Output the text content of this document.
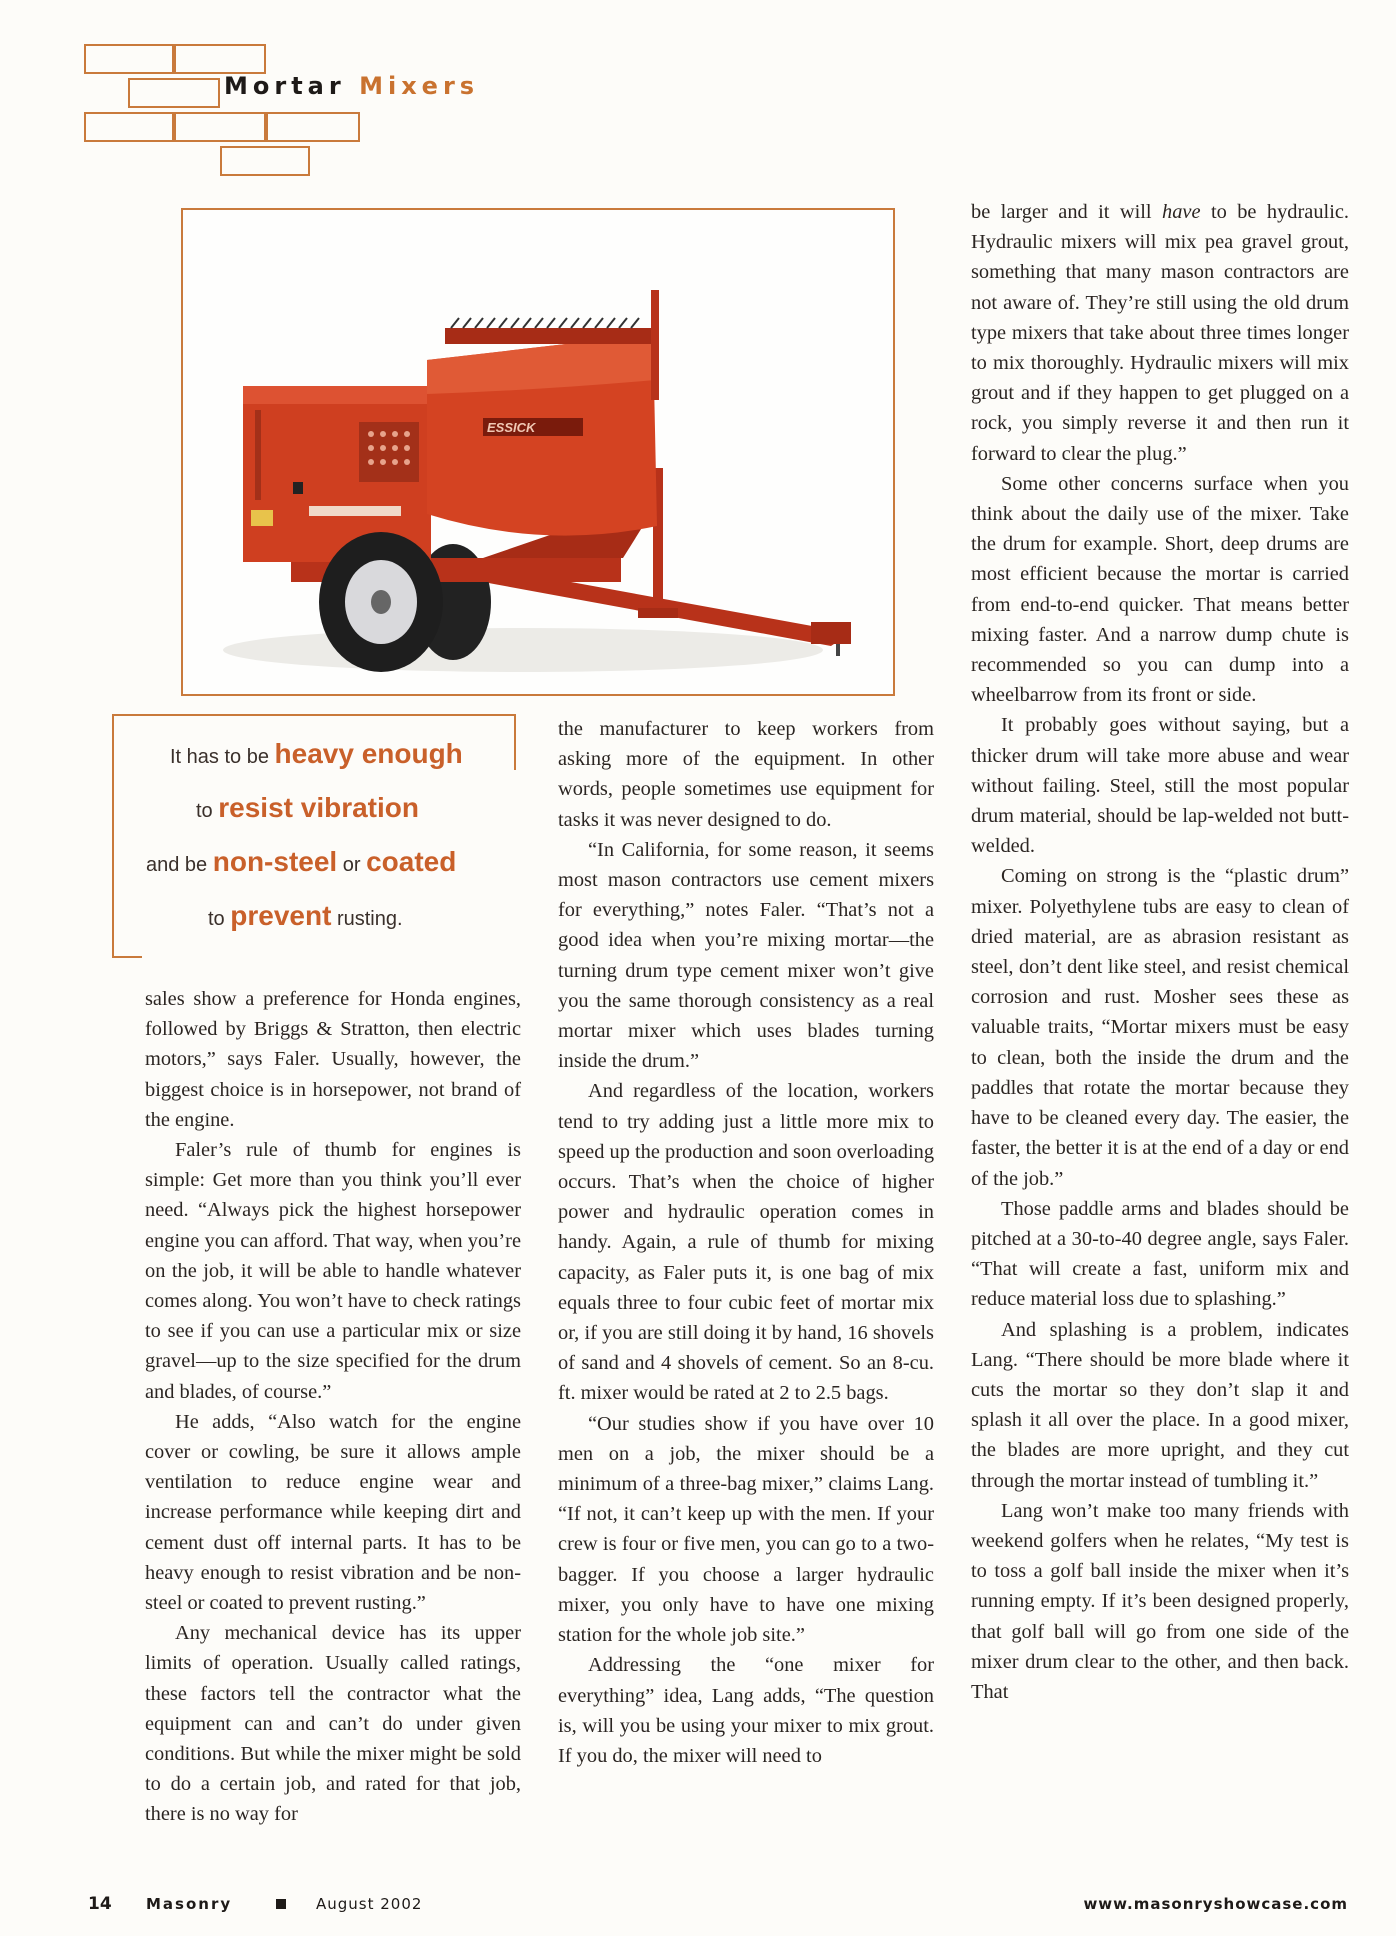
Mortar Mixers
ESSICK
It has to be heavy enough
to resist vibration
and be non-steel or coated
to prevent rusting.

sales show a preference for Honda engines, followed by Briggs & Stratton, then electric motors,” says Faler. Usually, however, the biggest choice is in horsepower, not brand of the engine.

Faler’s rule of thumb for engines is simple: Get more than you think you’ll ever need. “Always pick the highest horsepower engine you can afford. That way, when you’re on the job, it will be able to handle whatever comes along. You won’t have to check ratings to see if you can use a particular mix or size gravel—up to the size specified for the drum and blades, of course.”

He adds, “Also watch for the engine cover or cowling, be sure it allows ample ventilation to reduce engine wear and increase performance while keeping dirt and cement dust off internal parts. It has to be heavy enough to resist vibration and be non-steel or coated to prevent rusting.”

Any mechanical device has its upper limits of operation. Usually called ratings, these factors tell the contractor what the equipment can and can’t do under given conditions. But while the mixer might be sold to do a certain job, and rated for that job, there is no way for

the manufacturer to keep workers from asking more of the equipment. In other words, people sometimes use equipment for tasks it was never designed to do.

“In California, for some reason, it seems most mason contractors use cement mixers for everything,” notes Faler. “That’s not a good idea when you’re mixing mortar—the turning drum type cement mixer won’t give you the same thorough consistency as a real mortar mixer which uses blades turning inside the drum.”

And regardless of the location, workers tend to try adding just a little more mix to speed up the production and soon overloading occurs. That’s when the choice of higher power and hydraulic operation comes in handy. Again, a rule of thumb for mixing capacity, as Faler puts it, is one bag of mix equals three to four cubic feet of mortar mix or, if you are still doing it by hand, 16 shovels of sand and 4 shovels of cement. So an 8-cu. ft. mixer would be rated at 2 to 2.5 bags.

“Our studies show if you have over 10 men on a job, the mixer should be a minimum of a three-bag mixer,” claims Lang. “If not, it can’t keep up with the men. If your crew is four or five men, you can go to a two-bagger. If you choose a larger hydraulic mixer, you only have to have one mixing station for the whole job site.”

Addressing the “one mixer for everything” idea, Lang adds, “The question is, will you be using your mixer to mix grout. If you do, the mixer will need to

be larger and it will have to be hydraulic. Hydraulic mixers will mix pea gravel grout, something that many mason contractors are not aware of. They’re still using the old drum type mixers that take about three times longer to mix thoroughly. Hydraulic mixers will mix grout and if they happen to get plugged on a rock, you simply reverse it and then run it forward to clear the plug.”

Some other concerns surface when you think about the daily use of the mixer. Take the drum for example. Short, deep drums are most efficient because the mortar is carried from end-to-end quicker. That means better mixing faster. And a narrow dump chute is recommended so you can dump into a wheelbarrow from its front or side.

It probably goes without saying, but a thicker drum will take more abuse and wear without failing. Steel, still the most popular drum material, should be lap-welded not butt-welded.

Coming on strong is the “plastic drum” mixer. Polyethylene tubs are easy to clean of dried material, are as abrasion resistant as steel, don’t dent like steel, and resist chemical corrosion and rust. Mosher sees these as valuable traits, “Mortar mixers must be easy to clean, both the inside the drum and the paddles that rotate the mortar because they have to be cleaned every day. The easier, the faster, the better it is at the end of a day or end of the job.”

Those paddle arms and blades should be pitched at a 30-to-40 degree angle, says Faler. “That will create a fast, uniform mix and reduce material loss due to splashing.”

And splashing is a problem, indicates Lang. “There should be more blade where it cuts the mortar so they don’t slap it and splash it all over the place. In a good mixer, the blades are more upright, and they cut through the mortar instead of tumbling it.”

Lang won’t make too many friends with weekend golfers when he relates, “My test is to toss a golf ball inside the mixer when it’s running empty. If it’s been designed properly, that golf ball will go from one side of the mixer drum clear to the other, and then back. That

14 Masonry	August 2002	www.masonryshowcase.com
